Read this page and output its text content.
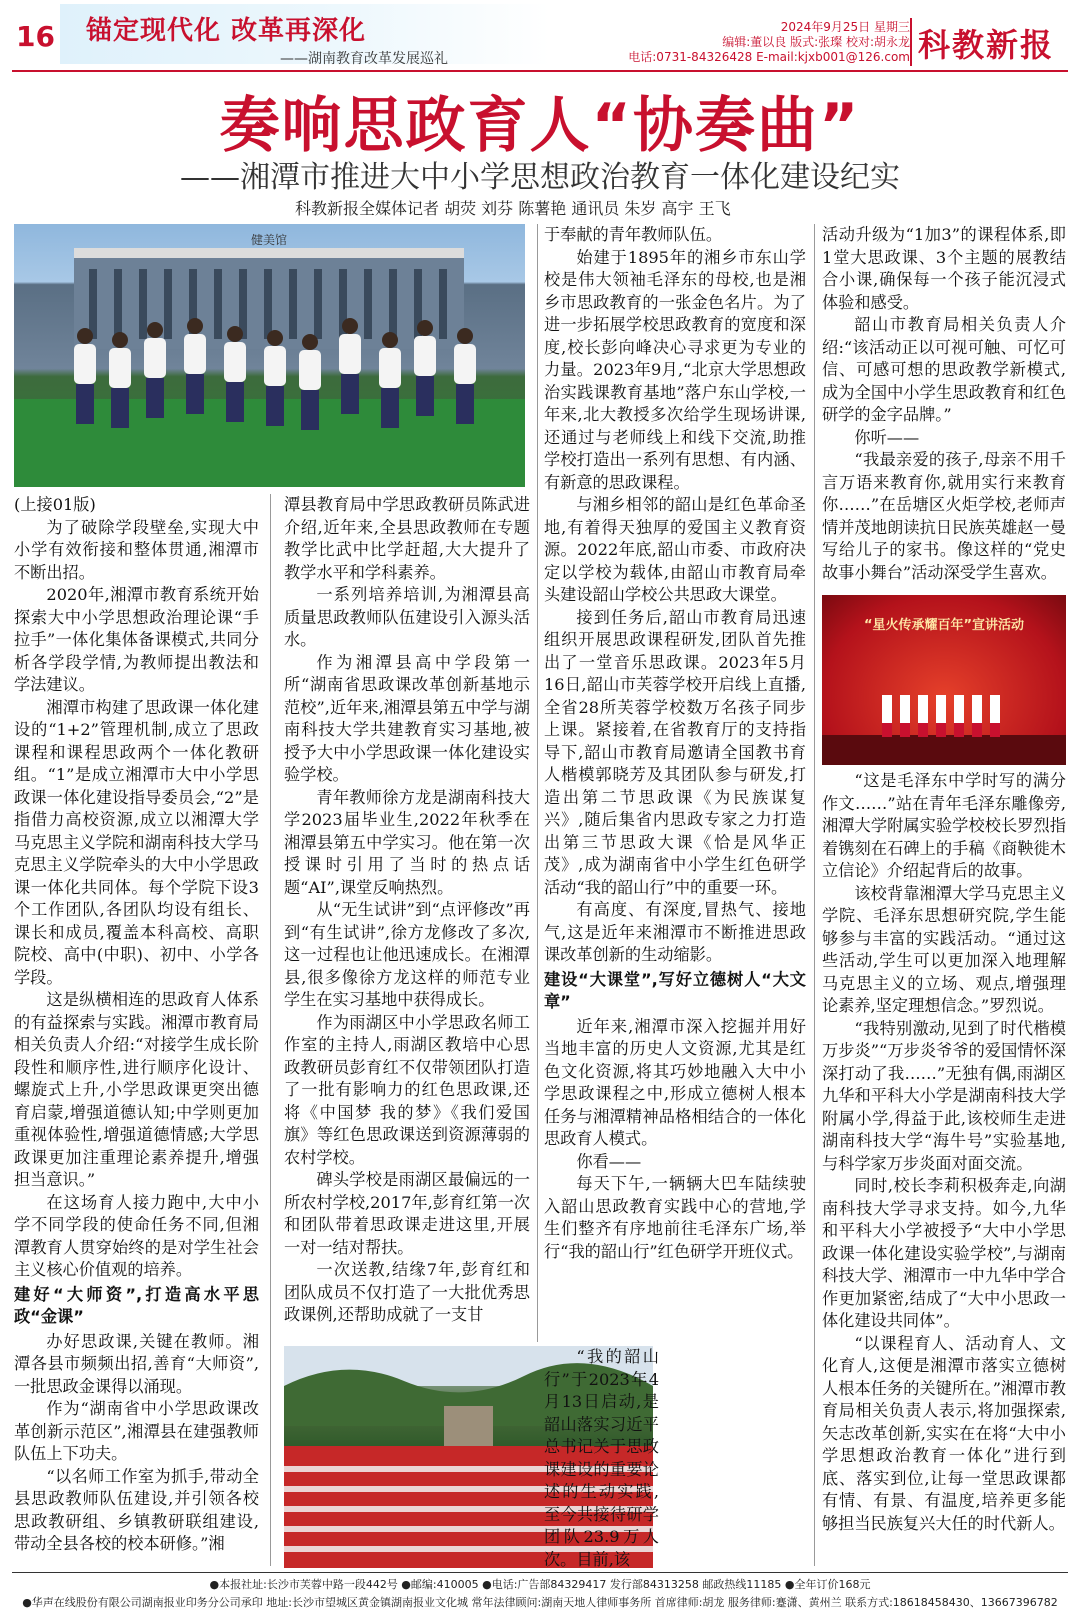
16 锚定现代化 改革再深化
——湖南教育改革发展巡礼
2024年9月25日 星期三
编辑:董以良 版式:张璨 校对:胡永龙
电话:0731-84326428 E-mail:kjxb001@126.com 科教新报
奏响思政育人“协奏曲”
——湘潭市推进大中小学思想政治教育一体化建设纪实
科教新报全媒体记者 胡荧 刘芬 陈薯艳 通讯员 朱岁 高宇 王飞
健美馆
“星火传承耀百年”宣讲活动

(上接01版)

为了破除学段壁垒,实现大中小学有效衔接和整体贯通,湘潭市不断出招。

2020年,湘潭市教育系统开始探索大中小学思想政治理论课“手拉手”一体化集体备课模式,共同分析各学段学情,为教师提出教法和学法建议。

湘潭市构建了思政课一体化建设的“1+2”管理机制,成立了思政课程和课程思政两个一体化教研组。“1”是成立湘潭市大中小学思政课一体化建设指导委员会,“2”是指借力高校资源,成立以湘潭大学马克思主义学院和湖南科技大学马克思主义学院牵头的大中小学思政课一体化共同体。每个学院下设3个工作团队,各团队均设有组长、课长和成员,覆盖本科高校、高职院校、高中(中职)、初中、小学各学段。

这是纵横相连的思政育人体系的有益探索与实践。湘潭市教育局相关负责人介绍:“对接学生成长阶段性和顺序性,进行顺序化设计、螺旋式上升,小学思政课更突出德育启蒙,增强道德认知;中学则更加重视体验性,增强道德情感;大学思政课更加注重理论素养提升,增强担当意识。”

在这场育人接力跑中,大中小学不同学段的使命任务不同,但湘潭教育人贯穿始终的是对学生社会主义核心价值观的培养。

建好“大师资”,打造高水平思政“金课”

办好思政课,关键在教师。湘潭各县市频频出招,善育“大师资”,一批思政金课得以涌现。

作为“湖南省中小学思政课改革创新示范区”,湘潭县在建强教师队伍上下功夫。

“以名师工作室为抓手,带动全县思政教师队伍建设,并引领各校思政教研组、乡镇教研联组建设,带动全县各校的校本研修。”湘

潭县教育局中学思政教研员陈武进介绍,近年来,全县思政教师在专题教学比武中比学赶超,大大提升了教学水平和学科素养。

一系列培养培训,为湘潭县高质量思政教师队伍建设引入源头活水。

作为湘潭县高中学段第一所“湖南省思政课改革创新基地示范校”,近年来,湘潭县第五中学与湖南科技大学共建教育实习基地,被授予大中小学思政课一体化建设实验学校。

青年教师徐方龙是湖南科技大学2023届毕业生,2022年秋季在湘潭县第五中学实习。他在第一次授课时引用了当时的热点话题“AI”,课堂反响热烈。

从“无生试讲”到“点评修改”再到“有生试讲”,徐方龙修改了多次,这一过程也让他迅速成长。在湘潭县,很多像徐方龙这样的师范专业学生在实习基地中获得成长。

作为雨湖区中小学思政名师工作室的主持人,雨湖区教培中心思政教研员彭育红不仅带领团队打造了一批有影响力的红色思政课,还将《中国梦 我的梦》《我们爱国旗》等红色思政课送到资源薄弱的农村学校。

碑头学校是雨湖区最偏远的一所农村学校,2017年,彭育红第一次和团队带着思政课走进这里,开展一对一结对帮扶。

一次送教,结缘7年,彭育红和团队成员不仅打造了一大批优秀思政课例,还帮助成就了一支甘

于奉献的青年教师队伍。

始建于1895年的湘乡市东山学校是伟大领袖毛泽东的母校,也是湘乡市思政教育的一张金色名片。为了进一步拓展学校思政教育的宽度和深度,校长彭向峰决心寻求更为专业的力量。2023年9月,“北京大学思想政治实践课教育基地”落户东山学校,一年来,北大教授多次给学生现场讲课,还通过与老师线上和线下交流,助推学校打造出一系列有思想、有内涵、有新意的思政课程。

与湘乡相邻的韶山是红色革命圣地,有着得天独厚的爱国主义教育资源。2022年底,韶山市委、市政府决定以学校为载体,由韶山市教育局牵头建设韶山学校公共思政大课堂。

接到任务后,韶山市教育局迅速组织开展思政课程研发,团队首先推出了一堂音乐思政课。2023年5月16日,韶山市芙蓉学校开启线上直播,全省28所芙蓉学校数万名孩子同步上课。紧接着,在省教育厅的支持指导下,韶山市教育局邀请全国教书育人楷模郭晓芳及其团队参与研发,打造出第二节思政课《为民族谋复兴》,随后集省内思政专家之力打造出第三节思政大课《恰是风华正茂》,成为湖南省中小学生红色研学活动“我的韶山行”中的重要一环。

有高度、有深度,冒热气、接地气,这是近年来湘潭市不断推进思政课改革创新的生动缩影。

建设“大课堂”,写好立德树人“大文章”

近年来,湘潭市深入挖掘并用好当地丰富的历史人文资源,尤其是红色文化资源,将其巧妙地融入大中小学思政课程之中,形成立德树人根本任务与湘潭精神品格相结合的一体化思政育人模式。

你看——

每天下午,一辆辆大巴车陆续驶入韶山思政教育实践中心的营地,学生们整齐有序地前往毛泽东广场,举行“我的韶山行”红色研学开班仪式。

“我的韶山行”于2023年4月13日启动,是韶山落实习近平总书记关于思政课建设的重要论述的生动实践,至今共接待研学团队23.9万人次。目前,该

活动升级为“1加3”的课程体系,即1堂大思政课、3个主题的展教结合小课,确保每一个孩子能沉浸式体验和感受。

韶山市教育局相关负责人介绍:“该活动正以可视可触、可忆可信、可感可想的思政教学新模式,成为全国中小学生思政教育和红色研学的金字品牌。”

你听——

“我最亲爱的孩子,母亲不用千言万语来教育你,就用实行来教育你……”在岳塘区火炬学校,老师声情并茂地朗读抗日民族英雄赵一曼写给儿子的家书。像这样的“党史故事小舞台”活动深受学生喜欢。

“这是毛泽东中学时写的满分作文……”站在青年毛泽东雕像旁,湘潭大学附属实验学校校长罗烈指着镌刻在石碑上的手稿《商鞅徙木立信论》介绍起背后的故事。

该校背靠湘潭大学马克思主义学院、毛泽东思想研究院,学生能够参与丰富的实践活动。“通过这些活动,学生可以更加深入地理解马克思主义的立场、观点,增强理论素养,坚定理想信念。”罗烈说。

“我特别激动,见到了时代楷模万步炎”“万步炎爷爷的爱国情怀深深打动了我……”无独有偶,雨湖区九华和平科大小学是湖南科技大学附属小学,得益于此,该校师生走进湖南科技大学“海牛号”实验基地,与科学家万步炎面对面交流。

同时,校长李莉积极奔走,向湖南科技大学寻求支持。如今,九华和平科大小学被授予“大中小学思政课一体化建设实验学校”,与湖南科技大学、湘潭市一中九华中学合作更加紧密,结成了“大中小思政一体化建设共同体”。

“以课程育人、活动育人、文化育人,这便是湘潭市落实立德树人根本任务的关键所在。”湘潭市教育局相关负责人表示,将加强探索,矢志改革创新,实实在在将“大中小学思想政治教育一体化”进行到底、落实到位,让每一堂思政课都有情、有景、有温度,培养更多能够担当民族复兴大任的时代新人。

●本报社址:长沙市芙蓉中路一段442号 ●邮编:410005 ●电话:广告部84329417 发行部84313258 邮政热线11185 ●全年订价168元
●华声在线股份有限公司湖南报业印务分公司承印 地址:长沙市望城区黄金镇湖南报业文化城 常年法律顾问:湖南天地人律师事务所 首席律师:胡龙 服务律师:蹇潇、黄州兰 联系方式:18618458430、13667396782
